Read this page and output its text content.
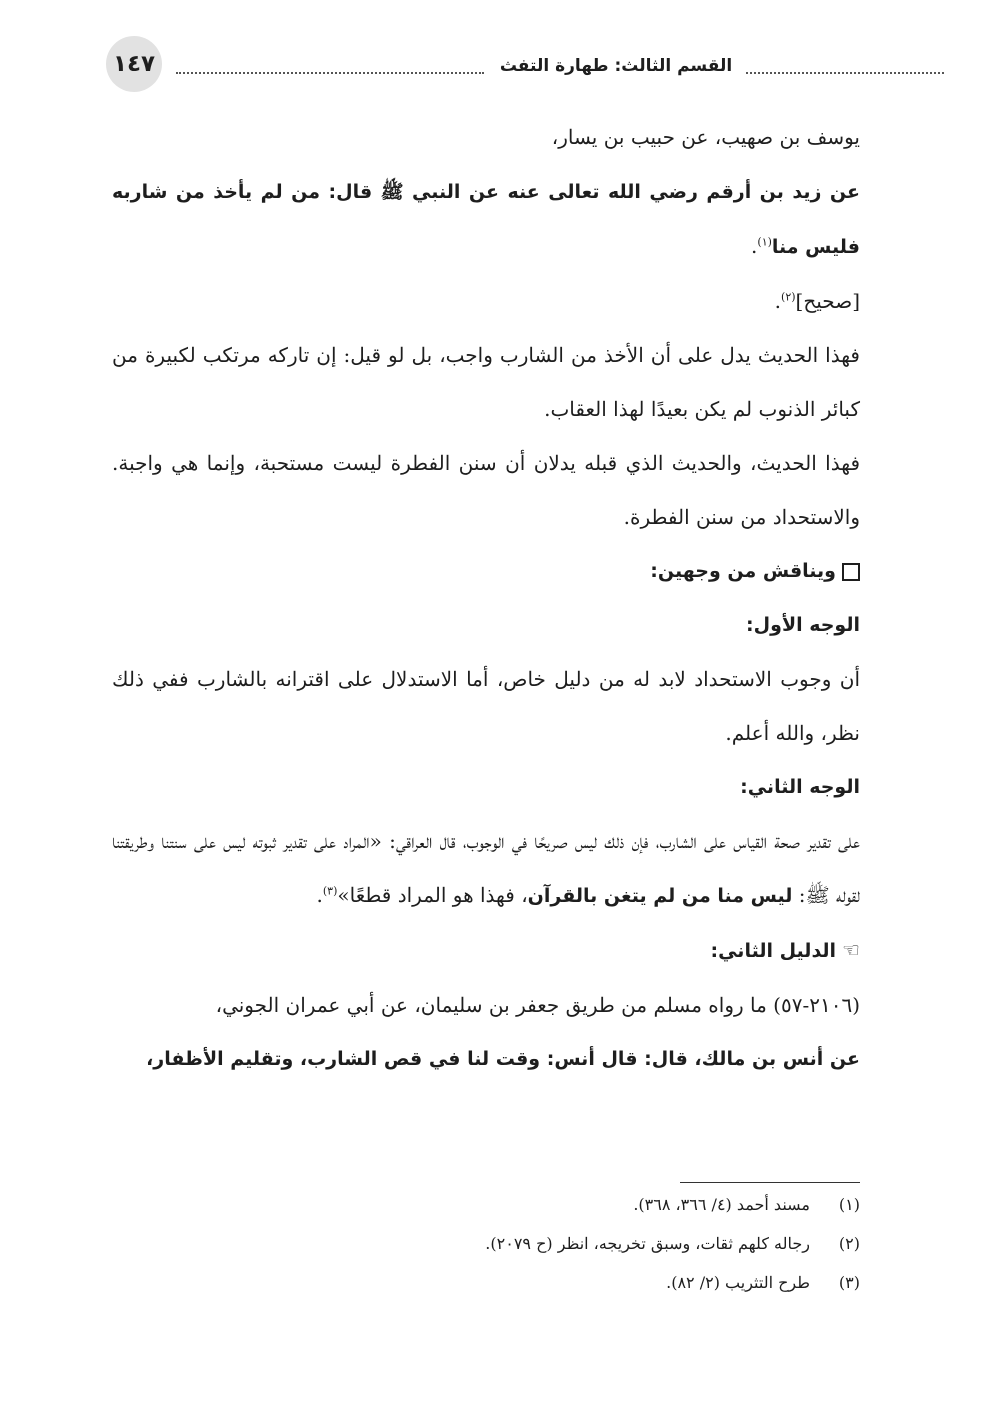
١٤٧	القسم الثالث: طهارة التفث

يوسف بن صهيب، عن حبيب بن يسار،

عن زيد بن أرقم رضي الله تعالى عنه عن النبي ﷺ قال: من لم يأخذ من شاربه فليس منا$^{(١)}$.

[صحيح]$^{(٢)}$.

فهذا الحديث يدل على أن الأخذ من الشارب واجب، بل لو قيل: إن تاركه مرتكب لكبيرة من كبائر الذنوب لم يكن بعيدًا لهذا العقاب.

فهذا الحديث، والحديث الذي قبله يدلان أن سنن الفطرة ليست مستحبة، وإنما هي واجبة. والاستحداد من سنن الفطرة.

ويناقش من وجهين:

الوجه الأول:

أن وجوب الاستحداد لابد له من دليل خاص، أما الاستدلال على اقترانه بالشارب ففي ذلك نظر، والله أعلم.

الوجه الثاني:

على تقدير صحة القياس على الشارب، فإن ذلك ليس صريحًا في الوجوب، قال العراقي: «المراد على تقدير ثبوته ليس على سنتنا وطريقتنا لقوله ﷺ: ليس منا من لم يتغن بالقرآن، فهذا هو المراد قطعًا»$^{(٣)}$.

☜الدليل الثاني:

(٢١٠٦-٥٧) ما رواه مسلم من طريق جعفر بن سليمان، عن أبي عمران الجوني،

عن أنس بن مالك، قال: قال أنس: وقت لنا في قص الشارب، وتقليم الأظفار،

(١)مسند أحمد (٤/ ٣٦٦، ٣٦٨).
(٢)رجاله كلهم ثقات، وسبق تخريجه، انظر (ح ٢٠٧٩).
(٣)طرح التثريب (٢/ ٨٢).
